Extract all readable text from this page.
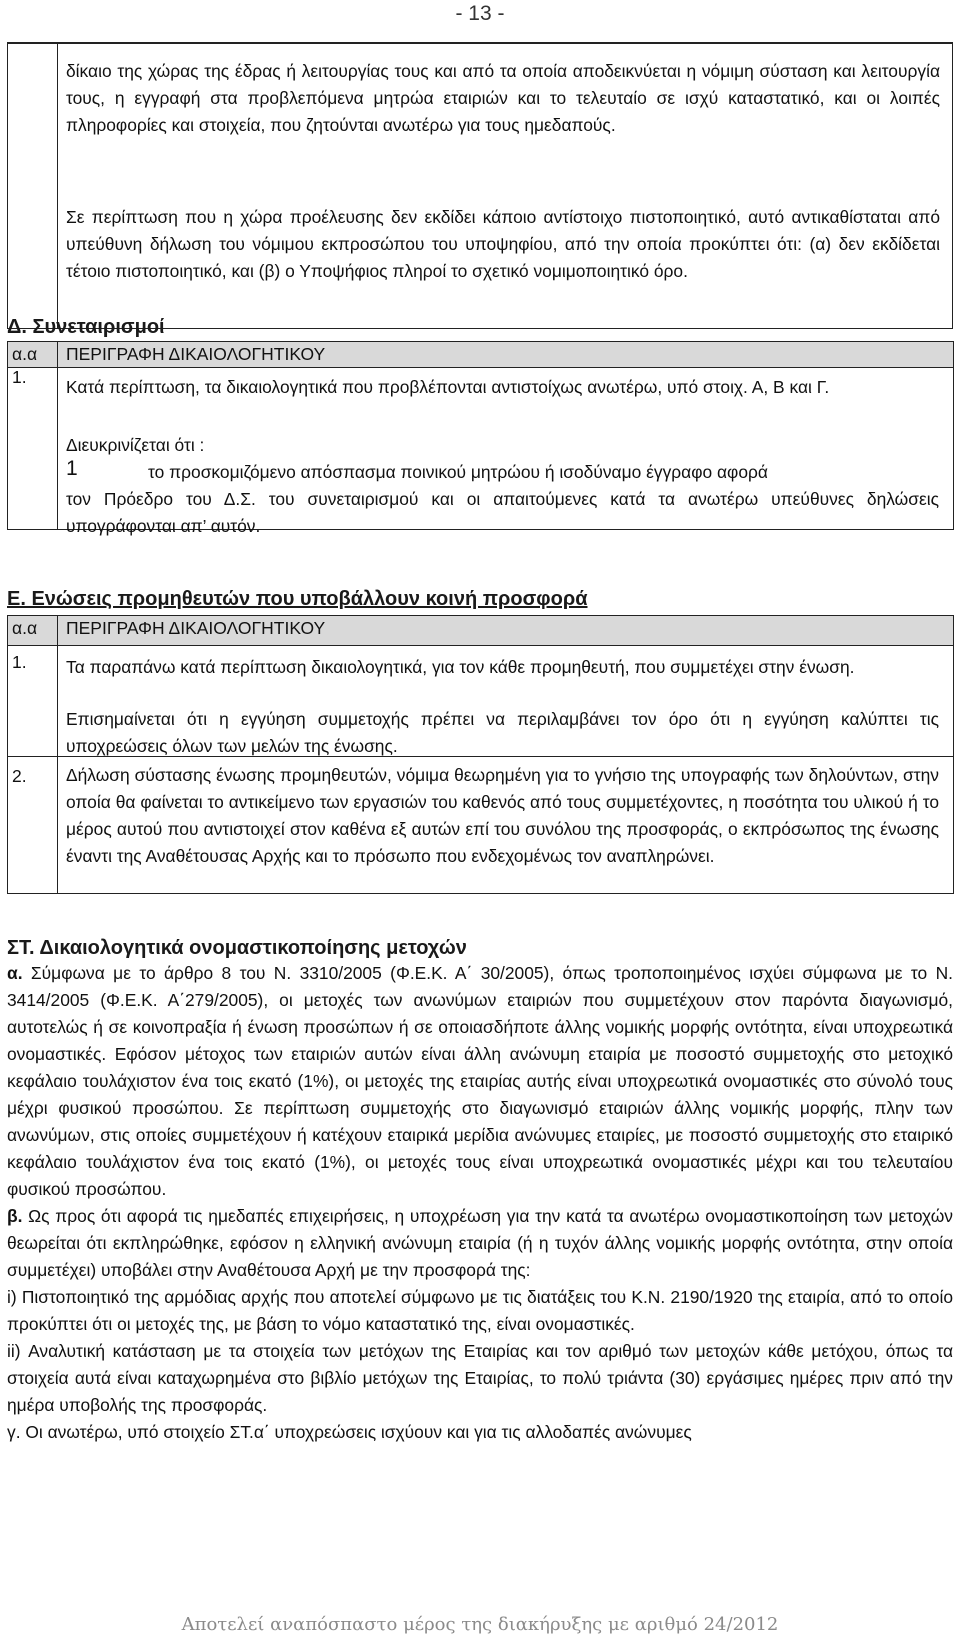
- 13 -
δίκαιο της χώρας της έδρας ή λειτουργίας τους και από τα οποία αποδεικνύεται η νόμιμη σύσταση και λειτουργία τους, η εγγραφή στα προβλεπόμενα μητρώα εταιριών και το τελευταίο σε ισχύ καταστατικό, και οι λοιπές πληροφορίες και στοιχεία, που ζητούνται ανωτέρω για τους ημεδαπούς.
Σε περίπτωση που η χώρα προέλευσης δεν εκδίδει κάποιο αντίστοιχο πιστοποιητικό, αυτό αντικαθίσταται από υπεύθυνη δήλωση του νόμιμου εκπροσώπου του υποψηφίου, από την οποία προκύπτει ότι: (α) δεν εκδίδεται τέτοιο πιστοποιητικό, και (β) ο Υποψήφιος πληροί το σχετικό νομιμοποιητικό όρο.
Δ. Συνεταιρισμοί
α.α ΠΕΡΙΓΡΑΦΗ ΔΙΚΑΙΟΛΟΓΗΤΙΚΟΥ
1. Κατά περίπτωση, τα δικαιολογητικά που προβλέπονται αντιστοίχως ανωτέρω, υπό στοιχ. Α, Β και Γ.
Διευκρινίζεται ότι :
1	το προσκομιζόμενο απόσπασμα ποινικού μητρώου ή ισοδύναμο έγγραφο αφορά
τον Πρόεδρο του Δ.Σ. του συνεταιρισμού και οι απαιτούμενες κατά τα ανωτέρω υπεύθυνες δηλώσεις υπογράφονται απ’ αυτόν.
Ε. Ενώσεις προμηθευτών που υποβάλλουν κοινή προσφορά
α.α ΠΕΡΙΓΡΑΦΗ ΔΙΚΑΙΟΛΟΓΗΤΙΚΟΥ
1. Τα παραπάνω κατά περίπτωση δικαιολογητικά, για τον κάθε προμηθευτή, που συμμετέχει στην ένωση.
Επισημαίνεται ότι η εγγύηση συμμετοχής πρέπει να περιλαμβάνει τον όρο ότι η εγγύηση καλύπτει τις υποχρεώσεις όλων των μελών της ένωσης.
2. Δήλωση σύστασης ένωσης προμηθευτών, νόμιμα θεωρημένη για το γνήσιο της υπογραφής των δηλούντων, στην οποία θα φαίνεται το αντικείμενο των εργασιών του καθενός από τους συμμετέχοντες, η ποσότητα του υλικού ή το μέρος αυτού που αντιστοιχεί στον καθένα εξ αυτών επί του συνόλου της προσφοράς, ο εκπρόσωπος της ένωσης έναντι της Αναθέτουσας Αρχής και το πρόσωπο που ενδεχομένως τον αναπληρώνει.
ΣΤ. Δικαιολογητικά ονομαστικοποίησης μετοχών
α. Σύμφωνα με το άρθρο 8 του Ν. 3310/2005 (Φ.Ε.Κ. Α΄ 30/2005), όπως τροποποιημένος ισχύει σύμφωνα με το Ν. 3414/2005 (Φ.Ε.Κ. Α΄279/2005), οι μετοχές των ανωνύμων εταιριών που συμμετέχουν στον παρόντα διαγωνισμό, αυτοτελώς ή σε κοινοπραξία ή ένωση προσώπων ή σε οποιασδήποτε άλλης νομικής μορφής οντότητα, είναι υποχρεωτικά ονομαστικές. Εφόσον μέτοχος των εταιριών αυτών είναι άλλη ανώνυμη εταιρία με ποσοστό συμμετοχής στο μετοχικό κεφάλαιο τουλάχιστον ένα τοις εκατό (1%), οι μετοχές της εταιρίας αυτής είναι υποχρεωτικά ονομαστικές στο σύνολό τους μέχρι φυσικού προσώπου. Σε περίπτωση συμμετοχής στο διαγωνισμό εταιριών άλλης νομικής μορφής, πλην των ανωνύμων, στις οποίες συμμετέχουν ή κατέχουν εταιρικά μερίδια ανώνυμες εταιρίες, με ποσοστό συμμετοχής στο εταιρικό κεφάλαιο τουλάχιστον ένα τοις εκατό (1%), οι μετοχές τους είναι υποχρεωτικά ονομαστικές μέχρι και του τελευταίου φυσικού προσώπου.
β. Ως προς ότι αφορά τις ημεδαπές επιχειρήσεις, η υποχρέωση για την κατά τα ανωτέρω ονομαστικοποίηση των μετοχών θεωρείται ότι εκπληρώθηκε, εφόσον η ελληνική ανώνυμη εταιρία (ή η τυχόν άλλης νομικής μορφής οντότητα, στην οποία συμμετέχει) υποβάλει στην Αναθέτουσα Αρχή με την προσφορά της:
i) Πιστοποιητικό της αρμόδιας αρχής που αποτελεί σύμφωνο με τις διατάξεις του Κ.Ν. 2190/1920 της εταιρία, από το οποίο προκύπτει ότι οι μετοχές της, με βάση το νόμο καταστατικό της, είναι ονομαστικές.
ii) Αναλυτική κατάσταση με τα στοιχεία των μετόχων της Εταιρίας και τον αριθμό των μετοχών κάθε μετόχου, όπως τα στοιχεία αυτά είναι καταχωρημένα στο βιβλίο μετόχων της Εταιρίας, το πολύ τριάντα (30) εργάσιμες ημέρες πριν από την ημέρα υποβολής της προσφοράς.
γ. Οι ανωτέρω, υπό στοιχείο ΣΤ.α΄ υποχρεώσεις ισχύουν και για τις αλλοδαπές ανώνυμες
Αποτελεί αναπόσπαστο μέρος της διακήρυξης με αριθμό 24/2012
